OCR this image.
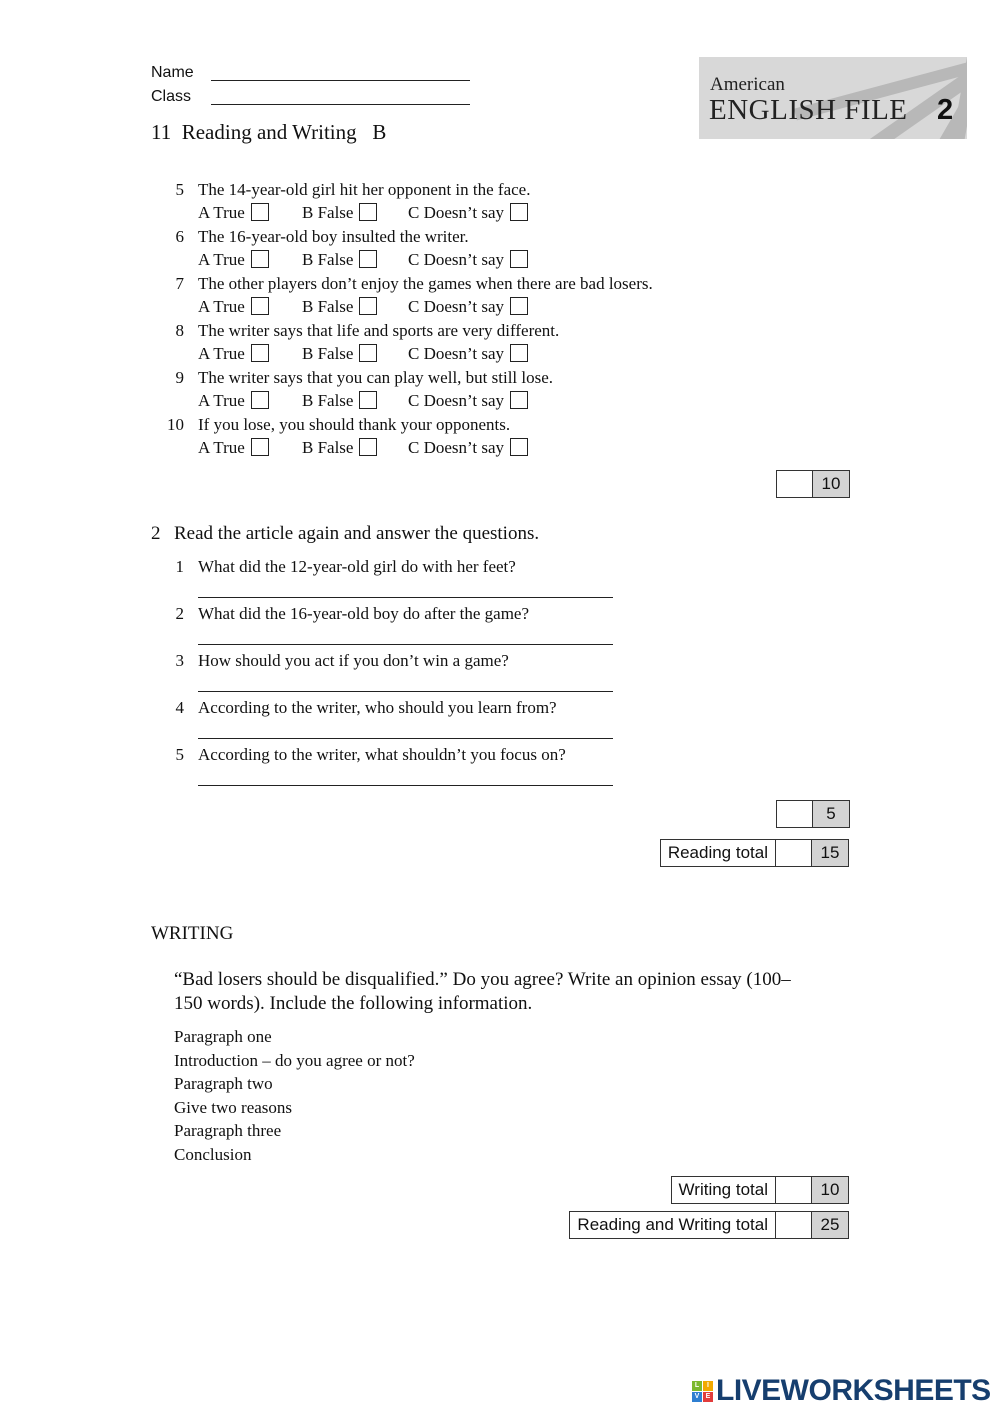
Name
Class
11  Reading and Writing   B
American
ENGLISH FILE 2
5 The 14-year-old girl hit her opponent in the face.
A True	B False	C Doesn’t say
6 The 16-year-old boy insulted the writer.
A True	B False	C Doesn’t say
7 The other players don’t enjoy the games when there are bad losers.
A True	B False	C Doesn’t say
8 The writer says that life and sports are very different.
A True	B False	C Doesn’t say
9 The writer says that you can play well, but still lose.
A True	B False	C Doesn’t say
10 If you lose, you should thank your opponents.
A True	B False	C Doesn’t say
10
2 Read the article again and answer the questions.
1 What did the 12-year-old girl do with her feet?
2 What did the 16-year-old boy do after the game?
3 How should you act if you don’t win a game?
4 According to the writer, who should you learn from?
5 According to the writer, what shouldn’t you focus on?
5
Reading total	15
WRITING
“Bad losers should be disqualified.” Do you agree? Write an opinion essay (100–
150 words). Include the following information.
Paragraph one
Introduction – do you agree or not?
Paragraph two
Give two reasons
Paragraph three
Conclusion
Writing total	10
Reading and Writing total	25
L	I
V E LIVEWORKSHEETS
